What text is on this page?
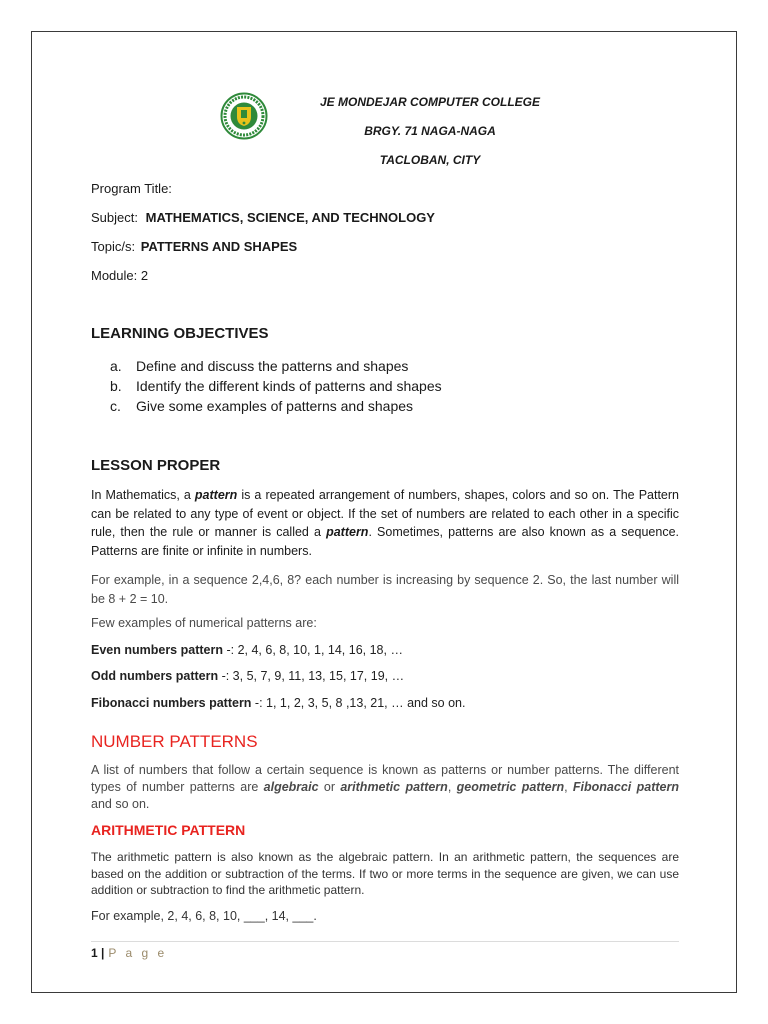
JE MONDEJAR COMPUTER COLLEGE
BRGY. 71 NAGA-NAGA
TACLOBAN, CITY
Program Title:
Subject: MATHEMATICS, SCIENCE, AND TECHNOLOGY
Topic/s: PATTERNS AND SHAPES
Module: 2
LEARNING OBJECTIVES
a.	Define and discuss the patterns and shapes
b.	Identify the different kinds of patterns and shapes
c.	Give some examples of patterns and shapes
LESSON PROPER
In Mathematics, a pattern is a repeated arrangement of numbers, shapes, colors and so on. The Pattern can be related to any type of event or object. If the set of numbers are related to each other in a specific rule, then the rule or manner is called a pattern. Sometimes, patterns are also known as a sequence. Patterns are finite or infinite in numbers.
For example, in a sequence 2,4,6, 8? each number is increasing by sequence 2. So, the last number will be 8 + 2 = 10.
Few examples of numerical patterns are:
Even numbers pattern -: 2, 4, 6, 8, 10, 1, 14, 16, 18, …
Odd numbers pattern -: 3, 5, 7, 9, 11, 13, 15, 17, 19, …
Fibonacci numbers pattern -: 1, 1, 2, 3, 5, 8 ,13, 21, … and so on.
NUMBER PATTERNS
A list of numbers that follow a certain sequence is known as patterns or number patterns. The different types of number patterns are algebraic or arithmetic pattern, geometric pattern, Fibonacci pattern and so on.
ARITHMETIC PATTERN
The arithmetic pattern is also known as the algebraic pattern. In an arithmetic pattern, the sequences are based on the addition or subtraction of the terms. If two or more terms in the sequence are given, we can use addition or subtraction to find the arithmetic pattern.
For example, 2, 4, 6, 8, 10, ___, 14, ___.
1 | P a g e
